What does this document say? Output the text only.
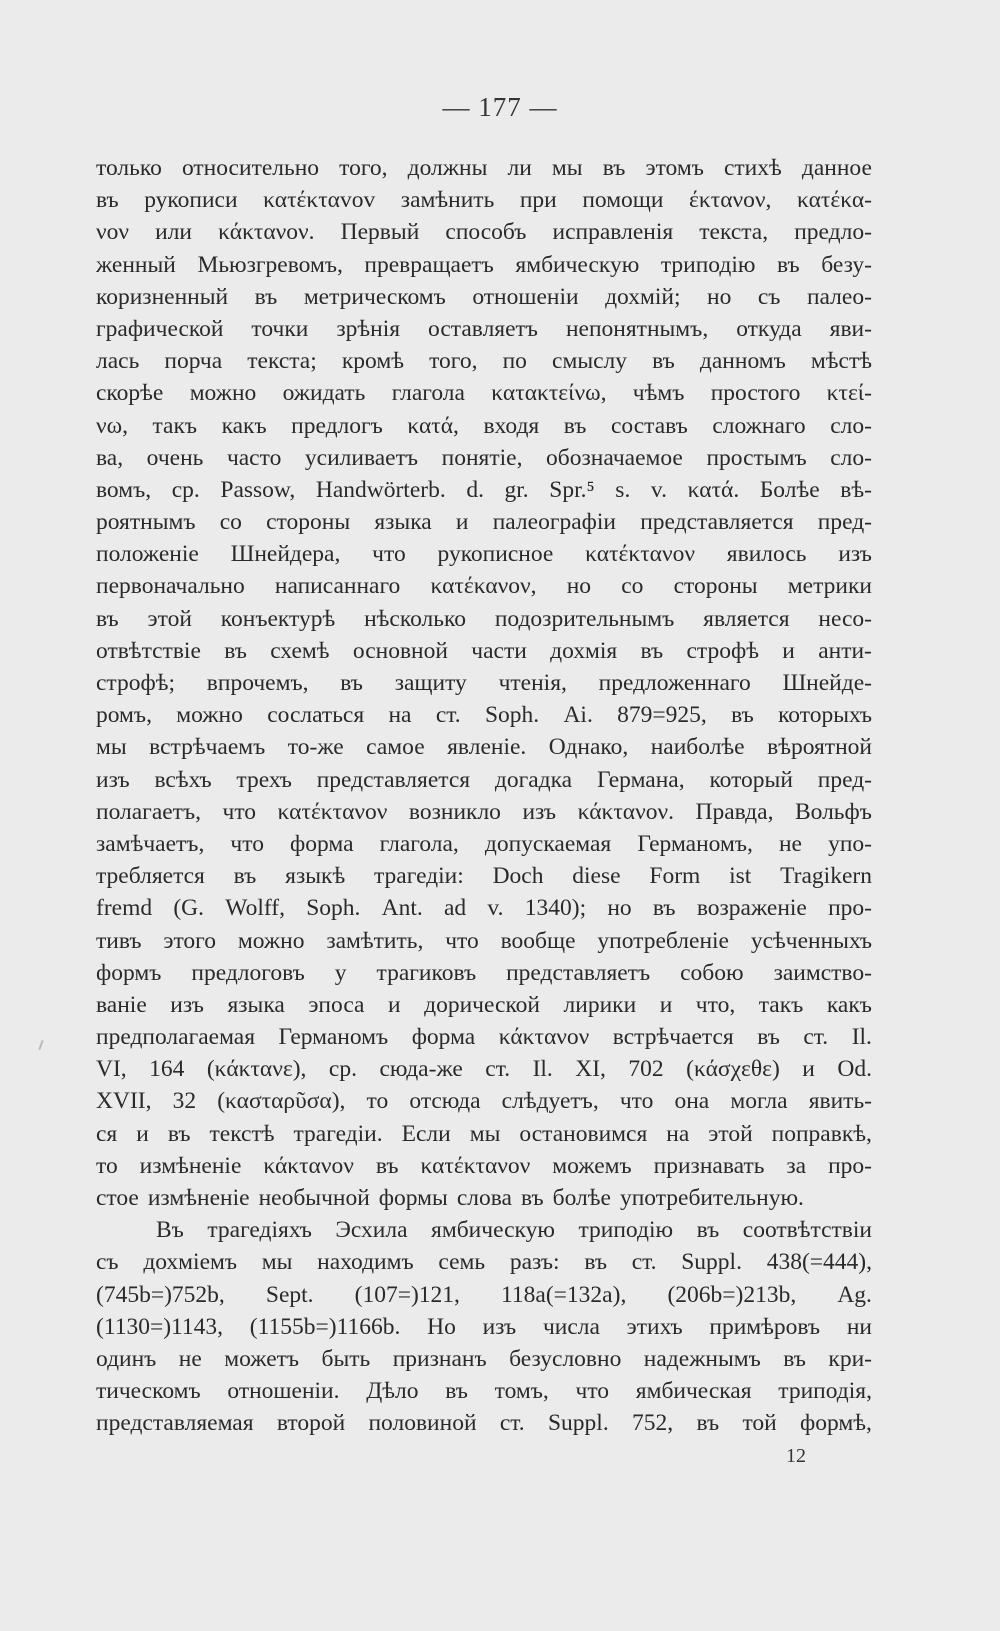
— 177 —
только относительно того, должны ли мы въ этомъ стихѣ данное
въ рукописи κατέκταvov замѣнить при помощи έκτανον, κατέκα-
νον или κάκτανον. Первый способъ исправленія текста, предло-
женный Мьюзгревомъ, превращаетъ ямбическую триподію въ безу-
коризненный въ метрическомъ отношеніи дохмій; но съ палео-
графической точки зрѣнія оставляетъ непонятнымъ, откуда яви-
лась порча текста; кромѣ того, по смыслу въ данномъ мѣстѣ
скорѣе можно ожидать глагола κατακτείνω, чѣмъ простого κτεί-
νω, такъ какъ предлогъ κατά, входя въ составъ сложнаго сло-
ва, очень часто усиливаетъ понятіе, обозначаемое простымъ сло-
вомъ, ср. Passow, Handwörterb. d. gr. Spr.⁵ s. v. κατά. Болѣе вѣ-
роятнымъ со стороны языка и палеографіи представляется пред-
положеніе Шнейдера, что рукописное κατέκτανον явилось изъ
первоначально написаннаго κατέκανον, но со стороны метрики
въ этой конъектурѣ нѣсколько подозрительнымъ является несо-
отвѣтствіе въ схемѣ основной части дохмія въ строфѣ и анти-
строфѣ; впрочемъ, въ защиту чтенія, предложеннаго Шнейде-
ромъ, можно сослаться на ст. Soph. Ai. 879=925, въ которыхъ
мы встрѣчаемъ то-же самое явленіе. Однако, наиболѣе вѣроятной
изъ всѣхъ трехъ представляется догадка Германа, который пред-
полагаетъ, что κατέκτανον возникло изъ κάκτανον. Правда, Вольфъ
замѣчаетъ, что форма глагола, допускаемая Германомъ, не упо-
требляется въ языкѣ трагедіи: Doch diese Form ist Tragikern
fremd (G. Wolff, Soph. Ant. ad v. 1340); но въ возраженіе про-
тивъ этого можно замѣтить, что вообще употребленіе усѣченныхъ
формъ предлоговъ у трагиковъ представляетъ собою заимство-
ваніе изъ языка эпоса и дорической лирики и что, такъ какъ
предполагаемая Германомъ форма κάκτανον встрѣчается въ ст. Il.
VI, 164 (κάκτανε), ср. сюда-же ст. Il. XI, 702 (κάσχεθε) и Od.
XVII, 32 (κασταρῦσα), то отсюда слѣдуетъ, что она могла явить-
ся и въ текстѣ трагедіи. Если мы остановимся на этой поправкѣ,
то измѣненіе κάκτανον въ κατέκτανον можемъ признавать за про-
стое измѣненіе необычной формы слова въ болѣе употребительную.
Въ трагедіяхъ Эсхила ямбическую триподію въ соотвѣтствіи
съ дохміемъ мы находимъ семь разъ: въ ст. Suppl. 438(=444),
(745b=)752b, Sept. (107=)121, 118a(=132a), (206b=)213b, Ag.
(1130=)1143, (1155b=)1166b. Но изъ числа этихъ примѣровъ ни
одинъ не можетъ быть признанъ безусловно надежнымъ въ кри-
тическомъ отношеніи. Дѣло въ томъ, что ямбическая триподія,
представляемая второй половиной ст. Suppl. 752, въ той формѣ,
12
